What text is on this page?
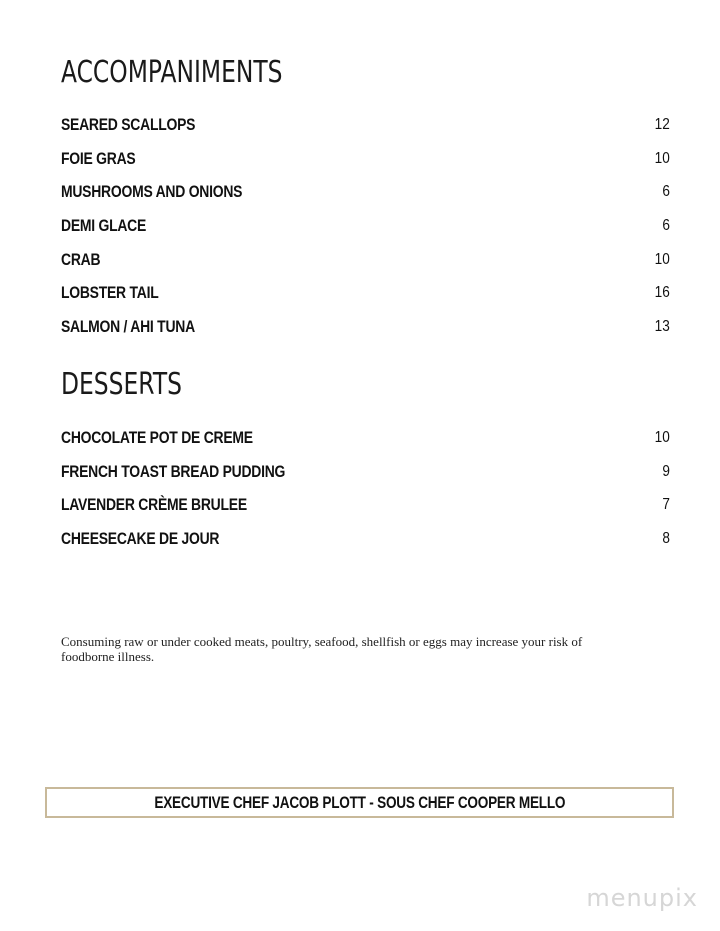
ACCOMPANIMENTS
SEARED SCALLOPS	12
FOIE GRAS	10
MUSHROOMS AND ONIONS	6
DEMI GLACE	6
CRAB	10
LOBSTER TAIL	16
SALMON / AHI TUNA	13
DESSERTS
CHOCOLATE POT DE CREME	10
FRENCH TOAST BREAD PUDDING	9
LAVENDER CRÈME BRULEE	7
CHEESECAKE DE JOUR	8

Consuming raw or under cooked meats, poultry, seafood, shellfish or eggs may increase your risk of foodborne illness.

EXECUTIVE CHEF JACOB PLOTT - SOUS CHEF COOPER MELLO
menupix
